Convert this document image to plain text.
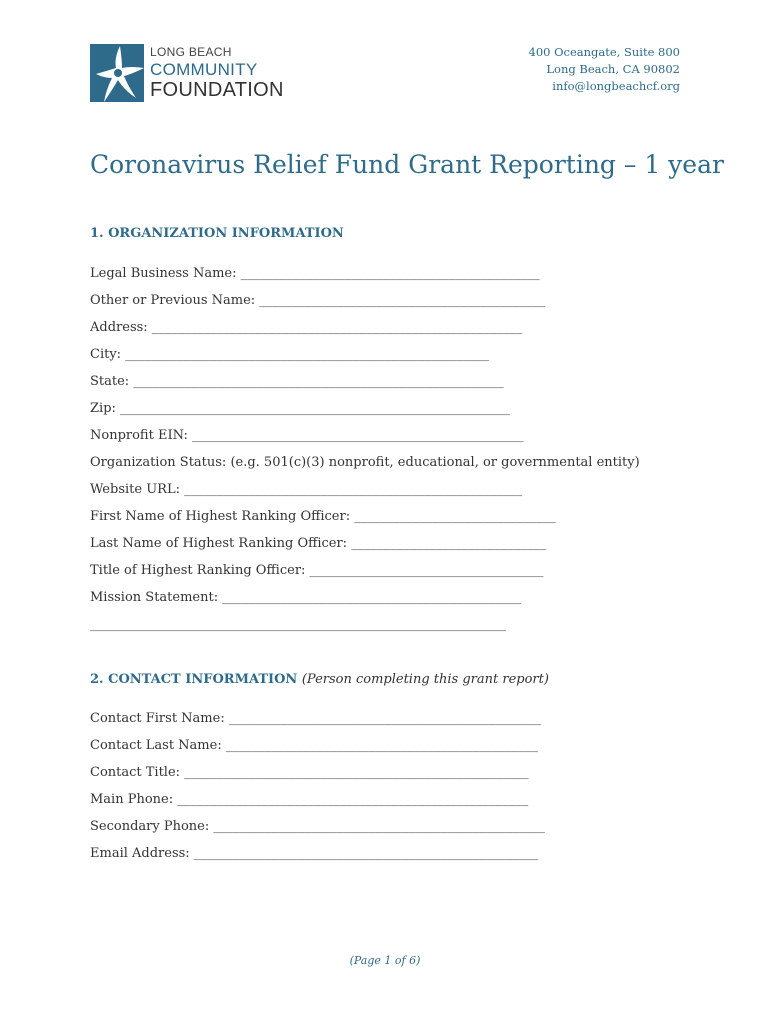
LONG BEACH
COMMUNITY
FOUNDATION
400 Oceangate, Suite 800
Long Beach, CA 90802
info@longbeachcf.org
Coronavirus Relief Fund Grant Reporting – 1 year
1. ORGANIZATION INFORMATION
Legal Business Name: ______________________________________________
Other or Previous Name: ____________________________________________
Address: _________________________________________________________
City: ________________________________________________________
State: _________________________________________________________
Zip: ____________________________________________________________
Nonprofit EIN: ___________________________________________________
Organization Status: (e.g. 501(c)(3) nonprofit, educational, or governmental entity)
Website URL: ____________________________________________________
First Name of Highest Ranking Officer: _______________________________
Last Name of Highest Ranking Officer: ______________________________
Title of Highest Ranking Officer: ____________________________________
Mission Statement: ______________________________________________
________________________________________________________________
2. CONTACT INFORMATION (Person completing this grant report)
Contact First Name: ________________________________________________
Contact Last Name: ________________________________________________
Contact Title: _____________________________________________________
Main Phone: ______________________________________________________
Secondary Phone: ___________________________________________________
Email Address: _____________________________________________________
(Page 1 of 6)
